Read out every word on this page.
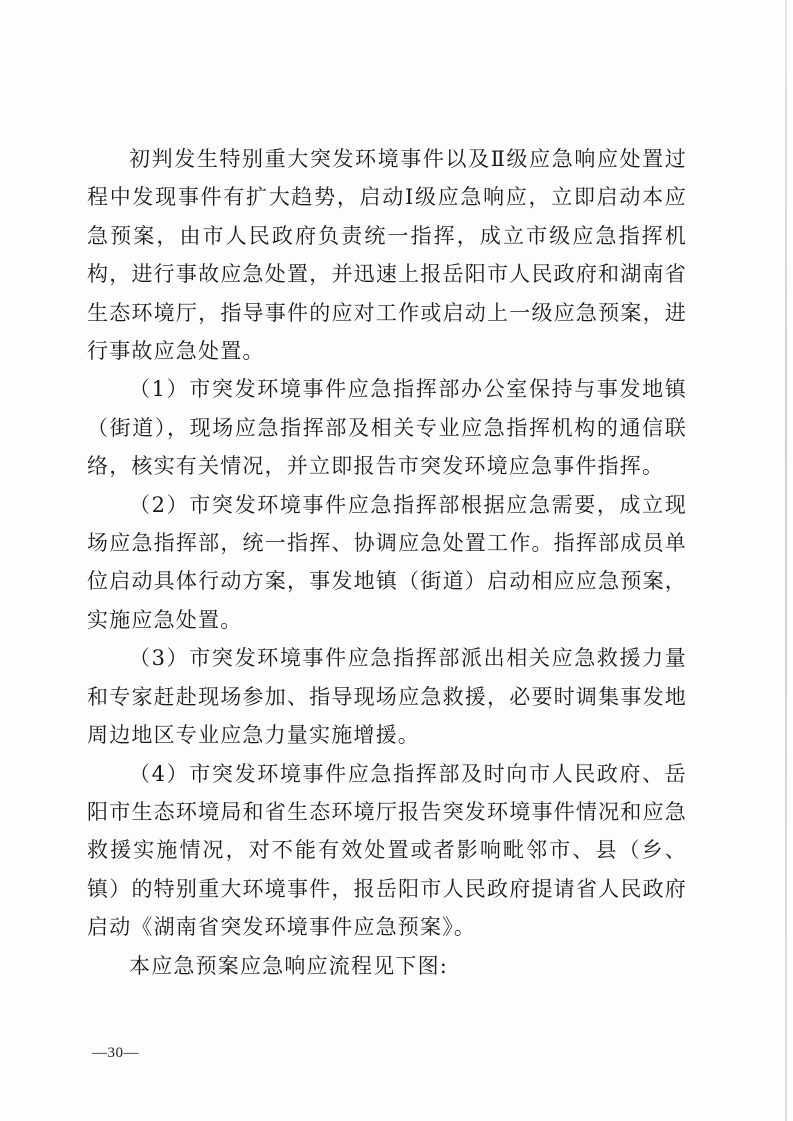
初判发生特别重大突发环境事件以及Ⅱ级应急响应处置过程中发现事件有扩大趋势，启动Ⅰ级应急响应，立即启动本应急预案，由市人民政府负责统一指挥，成立市级应急指挥机构，进行事故应急处置，并迅速上报岳阳市人民政府和湖南省生态环境厅，指导事件的应对工作或启动上一级应急预案，进行事故应急处置。

（1）市突发环境事件应急指挥部办公室保持与事发地镇（街道），现场应急指挥部及相关专业应急指挥机构的通信联络，核实有关情况，并立即报告市突发环境应急事件指挥。

（2）市突发环境事件应急指挥部根据应急需要，成立现场应急指挥部，统一指挥、协调应急处置工作。指挥部成员单位启动具体行动方案，事发地镇（街道）启动相应应急预案，实施应急处置。

（3）市突发环境事件应急指挥部派出相关应急救援力量和专家赶赴现场参加、指导现场应急救援，必要时调集事发地周边地区专业应急力量实施增援。

（4）市突发环境事件应急指挥部及时向市人民政府、岳阳市生态环境局和省生态环境厅报告突发环境事件情况和应急救援实施情况，对不能有效处置或者影响毗邻市、县（乡、镇）的特别重大环境事件，报岳阳市人民政府提请省人民政府启动《湖南省突发环境事件应急预案》。

本应急预案应急响应流程见下图:

—30—
